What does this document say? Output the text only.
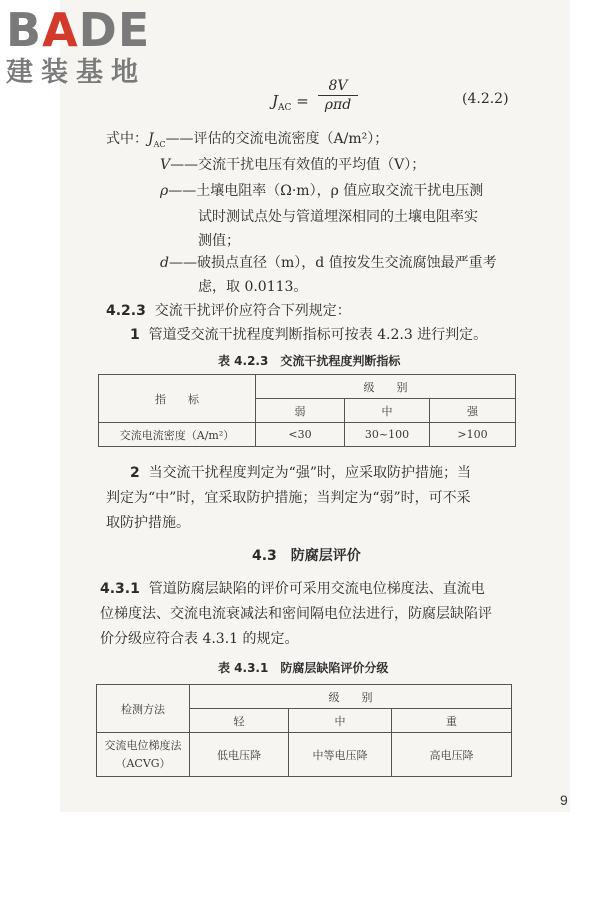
BADE
建装基地
$J_{AC}$ =
8V
ρπd	(4.2.2)
式中：$J_{AC}——$评估的交流电流密度（A/m²）；
V——交流干扰电压有效值的平均值（V）；
ρ——土壤电阻率（Ω·m），ρ 值应取交流干扰电压测
试时测试点处与管道埋深相同的土壤电阻率实
测值；
d——破损点直径（m），d 值按发生交流腐蚀最严重考
虑，取 0.0113。
4.2.3 交流干扰评价应符合下列规定：
1 管道受交流干扰程度判断指标可按表 4.2.3 进行判定。
表 4.2.3　交流干扰程度判断指标
指　　标	级　　别		
	弱	中	强
交流电流密度（A/m²）	<30	30~100	>100
2 当交流干扰程度判定为“强”时，应采取防护措施；当
判定为“中”时，宜采取防护措施；当判定为“弱”时，可不采
取防护措施。
4.3　防腐层评价
4.3.1 管道防腐层缺陷的评价可采用交流电位梯度法、直流电
位梯度法、交流电流衰减法和密间隔电位法进行，防腐层缺陷评
价分级应符合表 4.3.1 的规定。
表 4.3.1　防腐层缺陷评价分级
检测方法	级　　别		
	轻	中	重
交流电位梯度法
（ACVG）	低电压降	中等电压降	高电压降
9
